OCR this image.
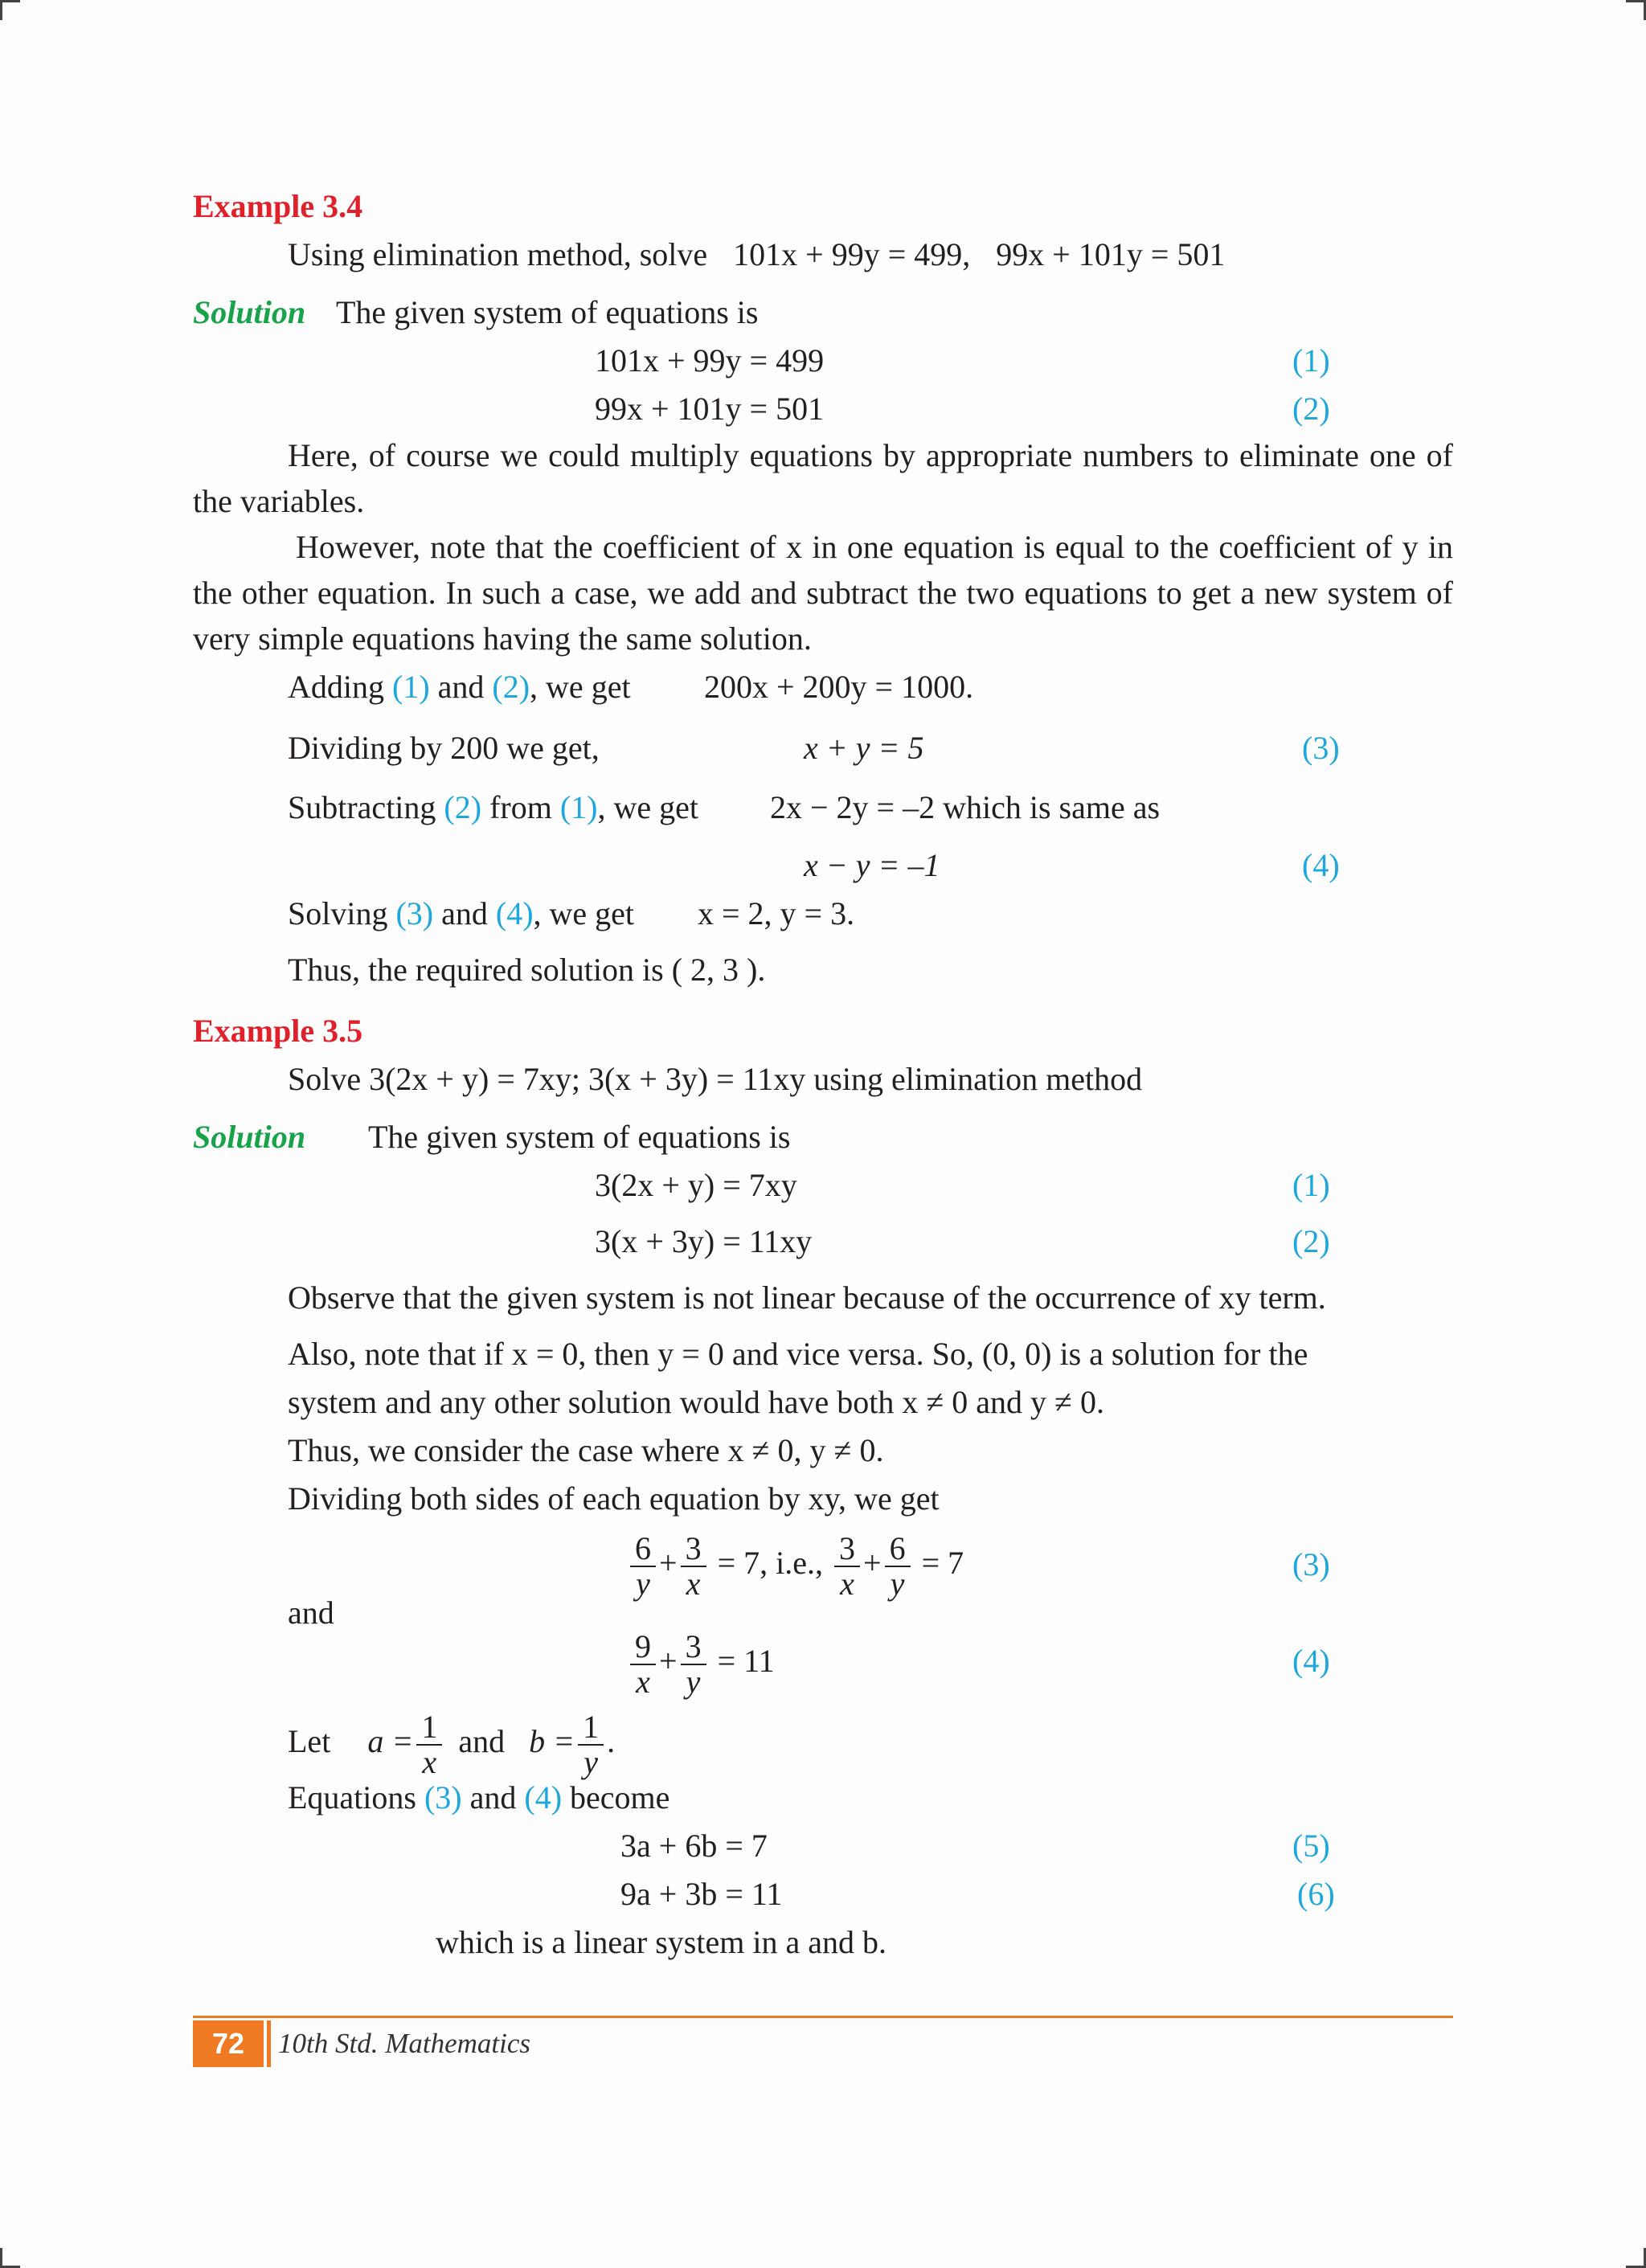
Example 3.4
Using elimination method, solve 101x + 99y = 499, 99x + 101y = 501
Solution The given system of equations is
101x + 99y = 499	(1)
99x + 101y = 501	(2)
Here, of course we could multiply equations by appropriate numbers to eliminate one of the variables.
However, note that the coefficient of x in one equation is equal to the coefficient of y in the other equation. In such a case, we add and subtract the two equations to get a new system of very simple equations having the same solution.
Adding (1) and (2), we get 200x + 200y = 1000.
Dividing by 200 we get,	x + y = 5	(3)
Subtracting (2) from (1), we get 2x − 2y = –2 which is same as
x − y = –1	(4)
Solving (3) and (4), we get x = 2, y = 3.
Thus, the required solution is ( 2, 3 ).
Example 3.5
Solve 3(2x + y) = 7xy; 3(x + 3y) = 11xy using elimination method
Solution The given system of equations is
3(2x + y) = 7xy	(1)
3(x + 3y) = 11xy	(2)
Observe that the given system is not linear because of the occurrence of xy term.
Also, note that if x = 0, then y = 0 and vice versa. So, (0, 0) is a solution for the
system and any other solution would have both x ≠ 0 and y ≠ 0.
Thus, we consider the case where x ≠ 0, y ≠ 0.
Dividing both sides of each equation by xy, we get
$\frac{6}{y} + \frac{3}{x} = 7$, i.e., $\frac{3}{x} + \frac{6}{y} = 7$	(3)
and
$\frac{9}{x} + \frac{3}{y} = 11$	(4)
Let $a = \frac{1}{x}$ and $b = \frac{1}{y}$ .
Equations (3) and (4) become
3a + 6b = 7	(5)
9a + 3b = 11	(6)
which is a linear system in a and b.
72	10th Std. Mathematics
